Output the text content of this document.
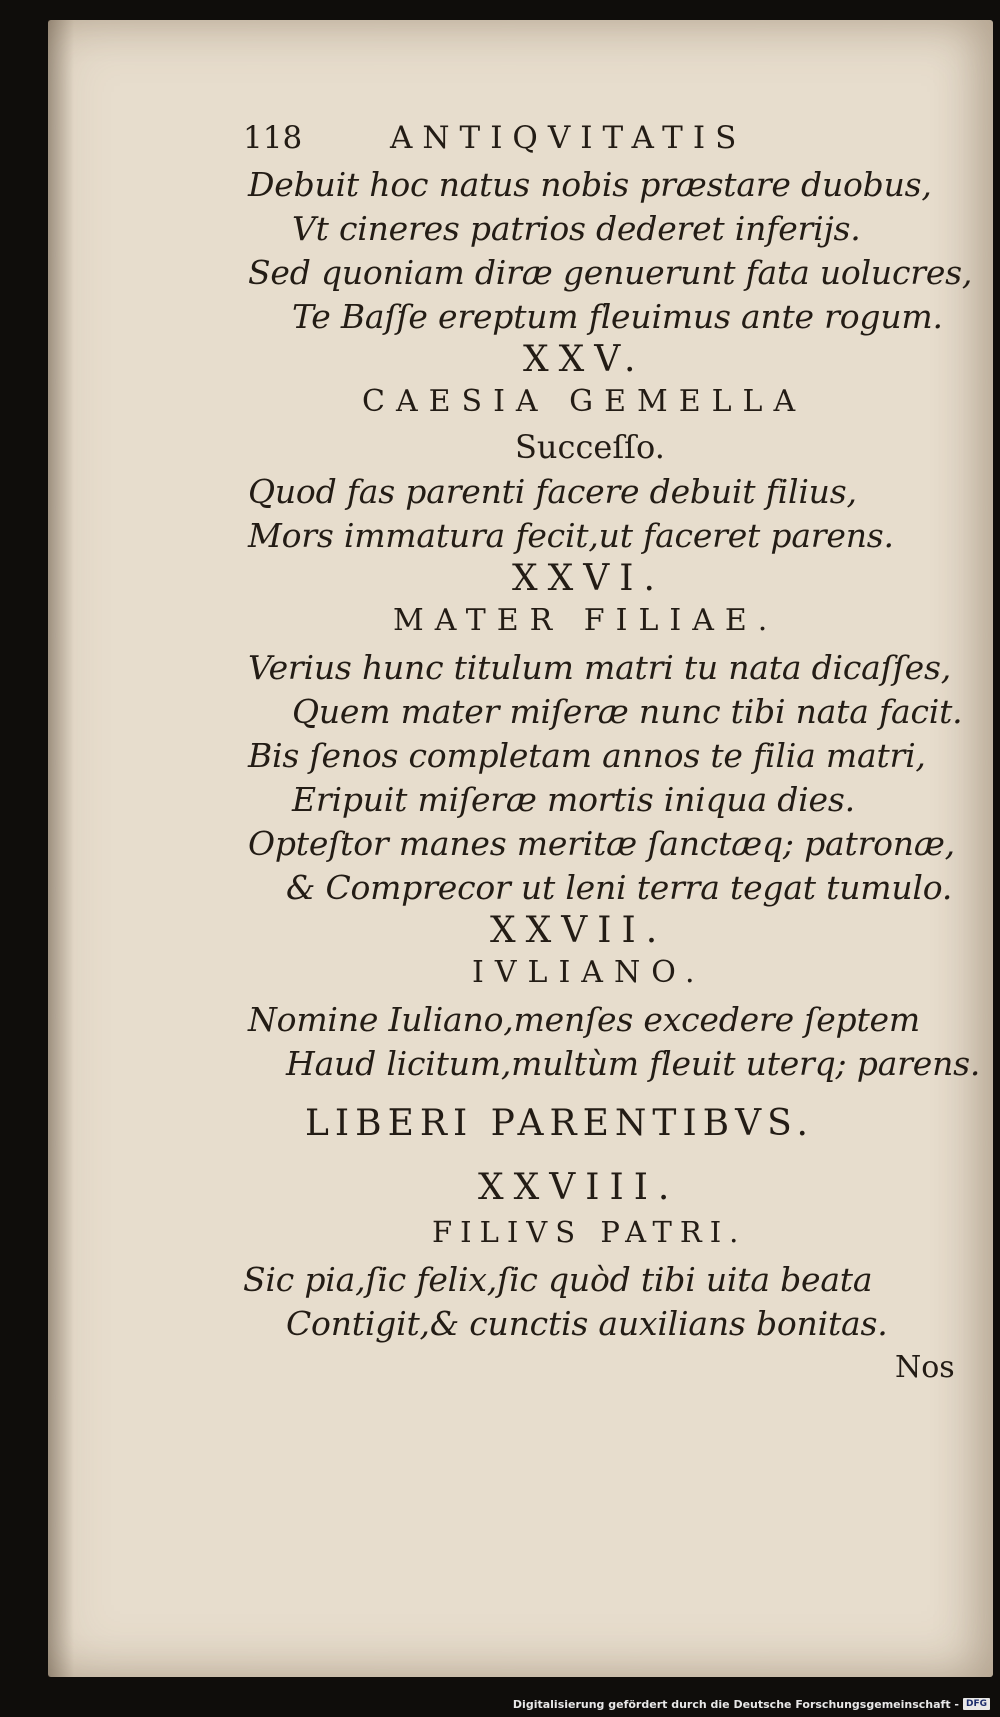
118	ANTIQVITATIS
Debuit hoc natus nobis præstare duobus,
Vt cineres patrios dederet inferijs.
Sed quoniam diræ genuerunt fata uolucres,
Te Baſſe ereptum fleuimus ante rogum.
XXV.
CAESIA GEMELLA
Succeſſo.
Quod fas parenti facere debuit filius,
Mors immatura fecit,ut faceret parens.
XXVI.
MATER FILIAE.
Verius hunc titulum matri tu nata dicaſſes,
Quem mater miſeræ nunc tibi nata facit.
Bis ſenos completam annos te filia matri,
Eripuit miſeræ mortis iniqua dies.
Opteſtor manes meritæ ſanctæq; patronæ,
& Comprecor ut leni terra tegat tumulo.
XXVII.
IVLIANO.
Nomine Iuliano,menſes excedere ſeptem
Haud licitum,multùm fleuit uterq; parens.
LIBERI PARENTIBVS.
XXVIII.
FILIVS PATRI.
Sic pia,ſic felix,ſic quòd tibi uita beata
Contigit,& cunctis auxilians bonitas.
Nos
Digitalisierung gefördert durch die Deutsche Forschungsgemeinschaft - DFG
